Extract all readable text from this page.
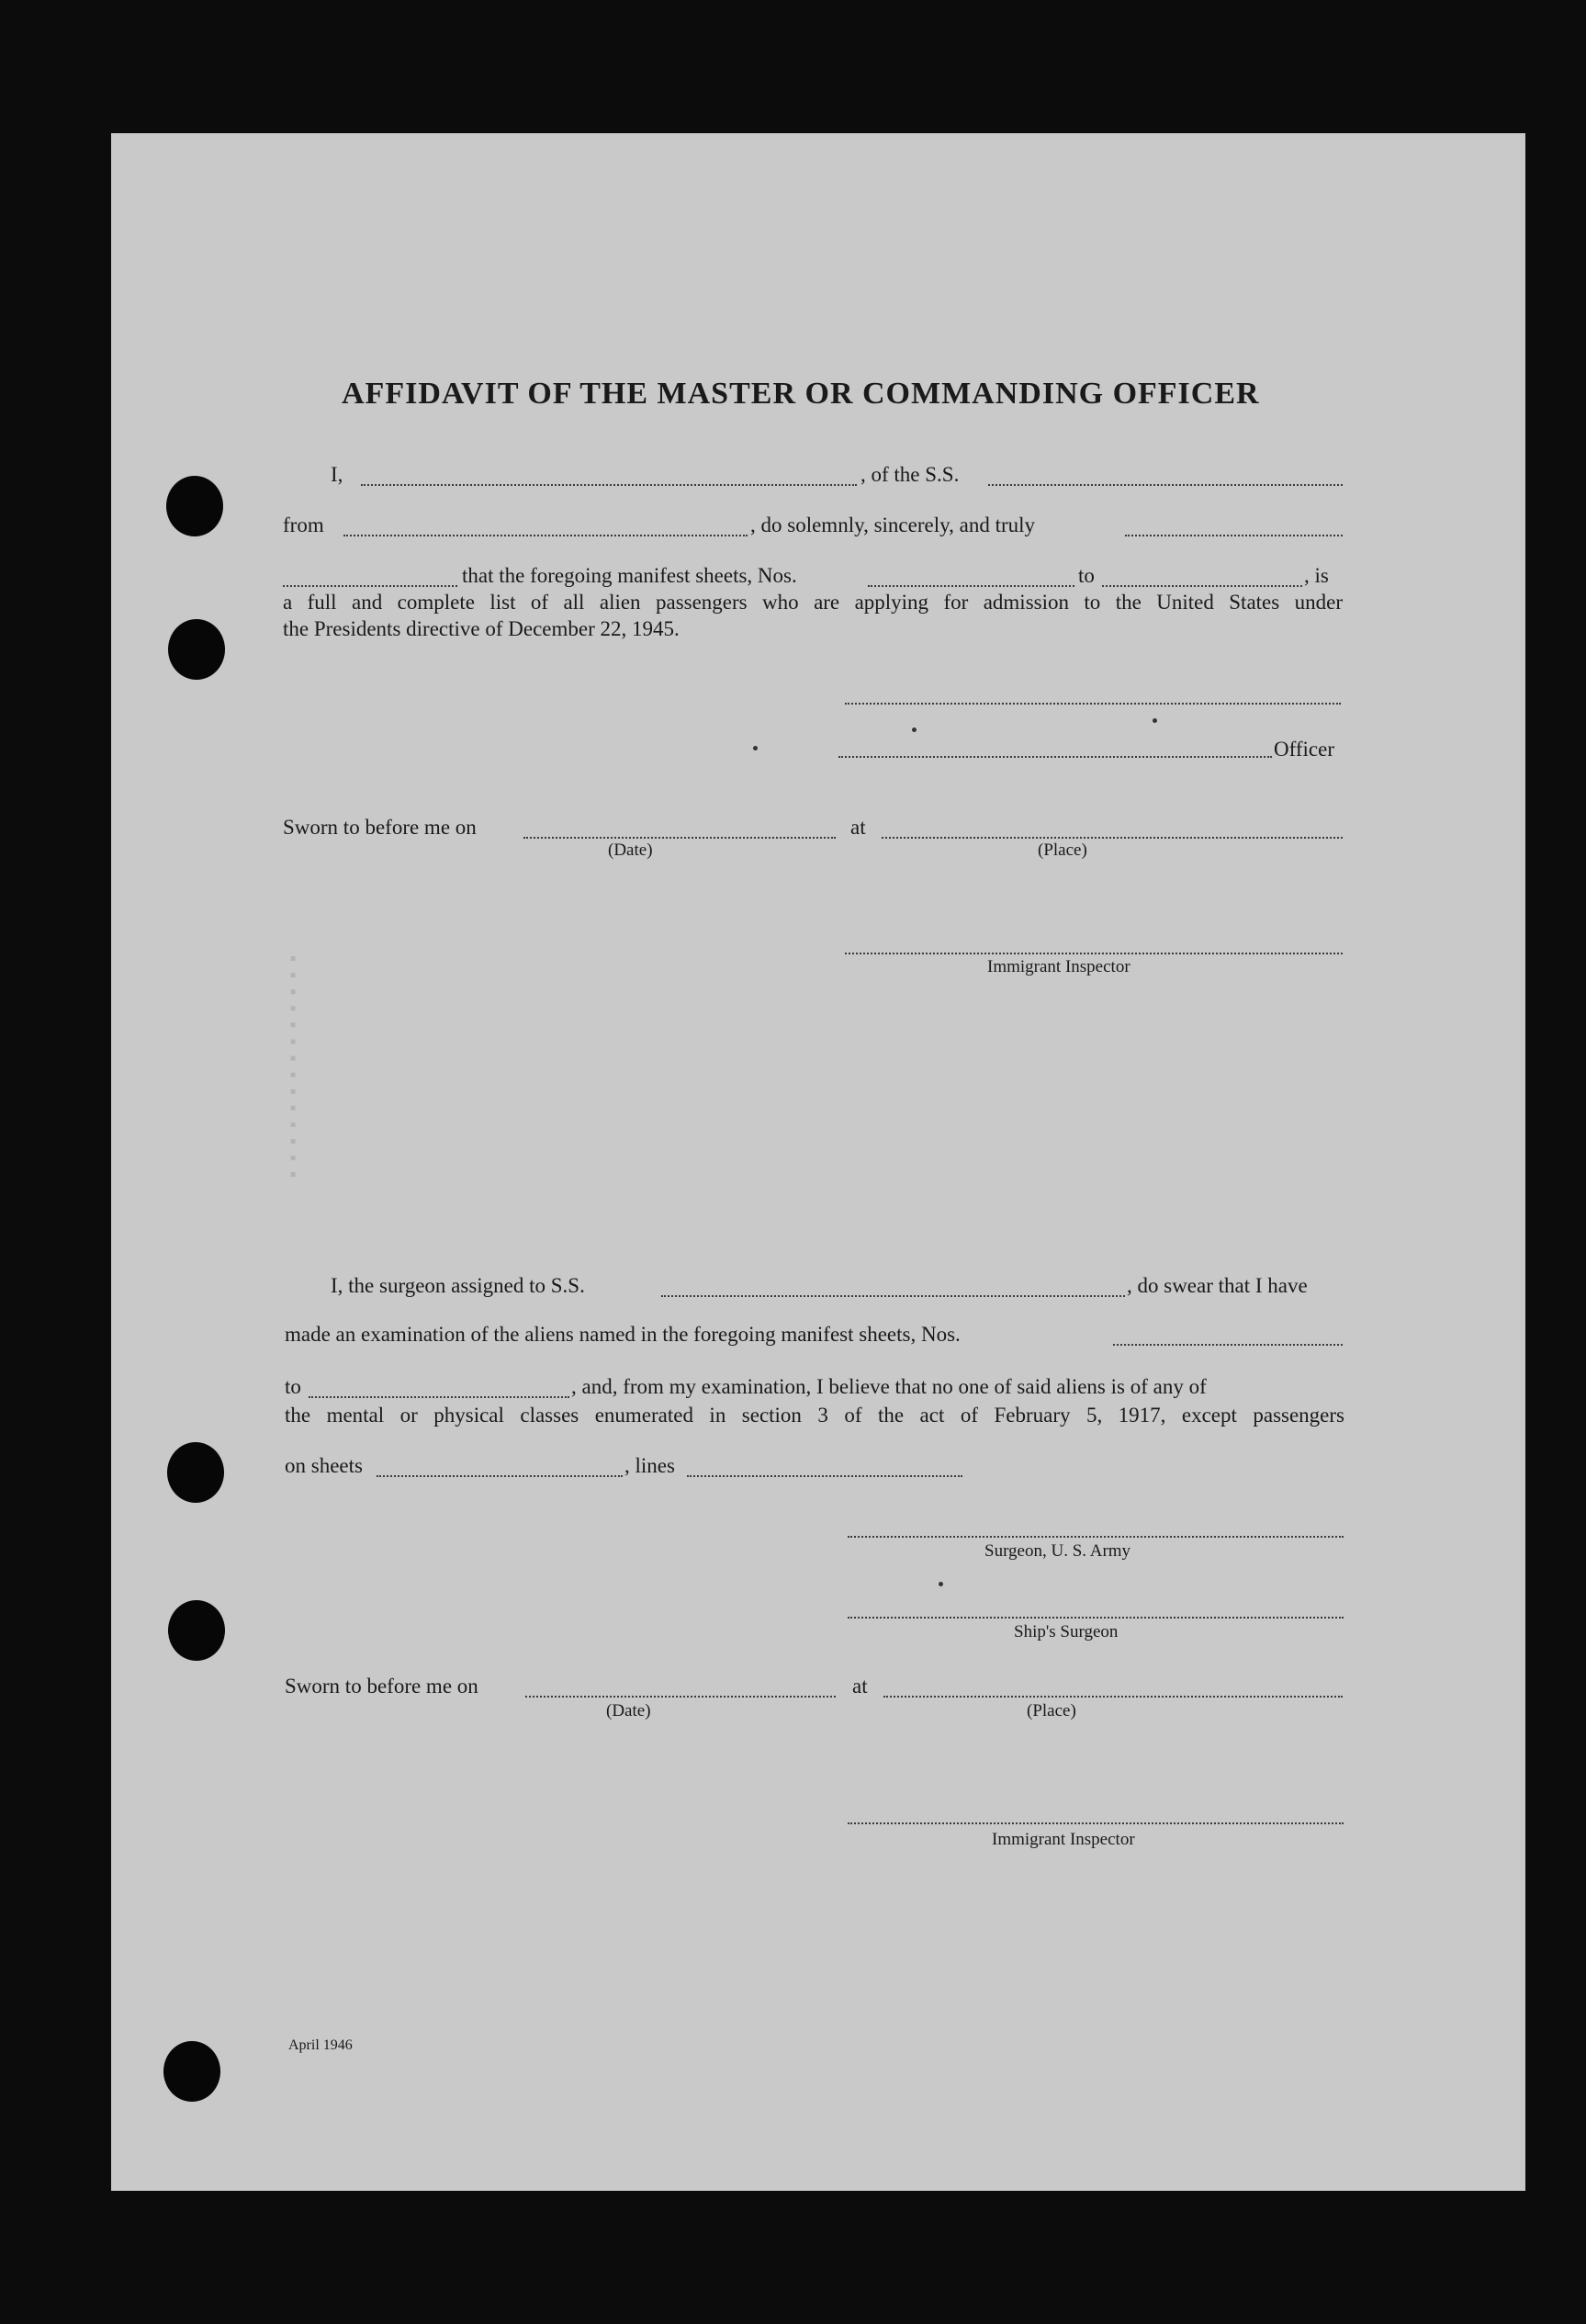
▪ ▪ ▪ ▪ ▪ ▪ ▪ ▪ ▪ ▪ ▪ ▪ ▪ ▪
AFFIDAVIT OF THE MASTER OR COMMANDING OFFICER
I,	, of the S.S.
from	, do solemnly, sincerely, and truly
that the foregoing manifest sheets, Nos.	to	, is

a full and complete list of all alien passengers who are applying for admission to the United States under

the Presidents directive of December 22, 1945.

Officer
Sworn to before me on	at
(Date)	(Place)
Immigrant Inspector
I, the surgeon assigned to S.S.	, do swear that I have
made an examination of the aliens named in the foregoing manifest sheets, Nos.
to	, and, from my examination, I believe that no one of said aliens is of any of

the mental or physical classes enumerated in section 3 of the act of February 5, 1917, except passengers

on sheets	, lines
Surgeon, U. S. Army
Ship's Surgeon
Sworn to before me on	at
(Date)	(Place)
Immigrant Inspector
April 1946
